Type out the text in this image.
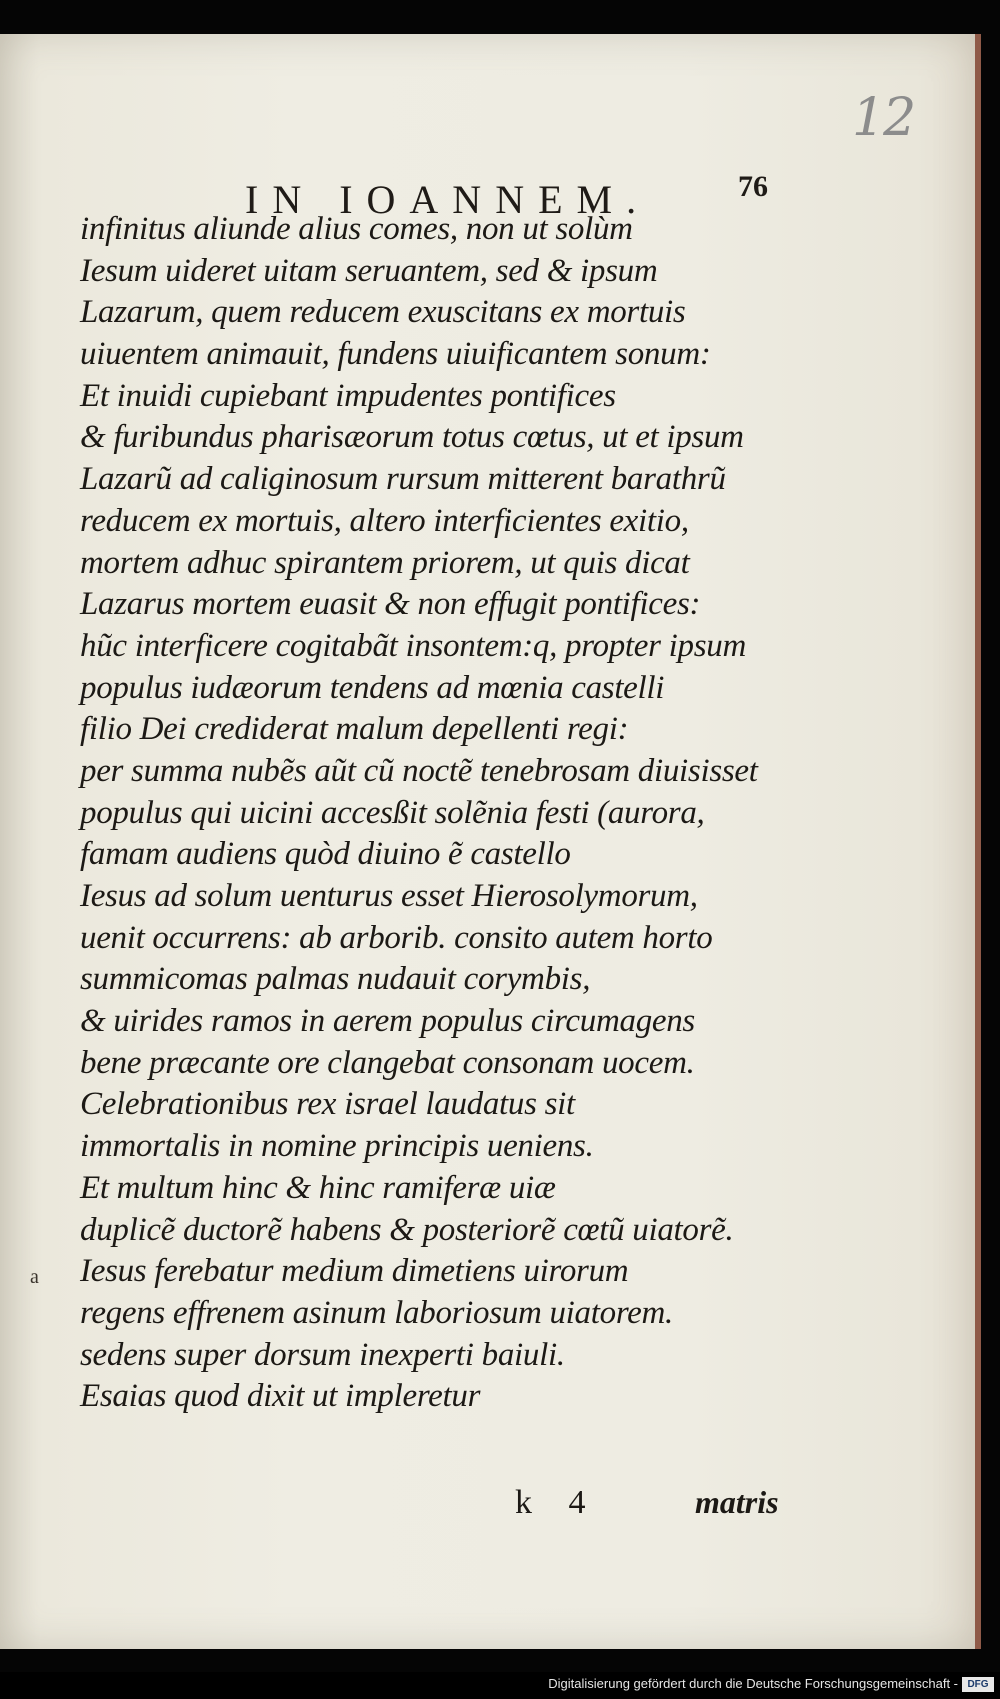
12
IN IOANNEM.	76
infinitus aliunde alius comes, non ut solùm
Iesum uideret uitam seruantem, sed & ipsum
Lazarum, quem reducem exuscitans ex mortuis
uiuentem animauit, fundens uiuificantem sonum:
Et inuidi cupiebant impudentes pontifices
& furibundus pharisæorum totus cœtus, ut et ipsum
Lazarũ ad caliginosum rursum mitterent barathrũ
reducem ex mortuis, altero interficientes exitio,
mortem adhuc spirantem priorem, ut quis dicat
Lazarus mortem euasit & non effugit pontifices:
hũc interficere cogitabãt insontem:q, propter ipsum
populus iudæorum tendens ad mœnia castelli
filio Dei crediderat malum depellenti regi:
per summa nubẽs aũt cũ noctẽ tenebrosam diuisisset
populus qui uicini accesßit solẽnia festi (aurora,
famam audiens quòd diuino ẽ castello
Iesus ad solum uenturus esset Hierosolymorum,
uenit occurrens: ab arborib. consito autem horto
summicomas palmas nudauit corymbis,
& uirides ramos in aerem populus circumagens
bene præcante ore clangebat consonam uocem.
Celebrationibus rex israel laudatus sit
immortalis in nomine principis ueniens.
Et multum hinc & hinc ramiferæ uiæ
duplicẽ ductorẽ habens & posteriorẽ cœtũ uiatorẽ.
Iesus ferebatur medium dimetiens uirorum
regens effrenem asinum laboriosum uiatorem.
sedens super dorsum inexperti baiuli.
Esaias quod dixit ut impleretur
a
k 4	matris
Digitalisierung gefördert durch die Deutsche Forschungsgemeinschaft - DFG
